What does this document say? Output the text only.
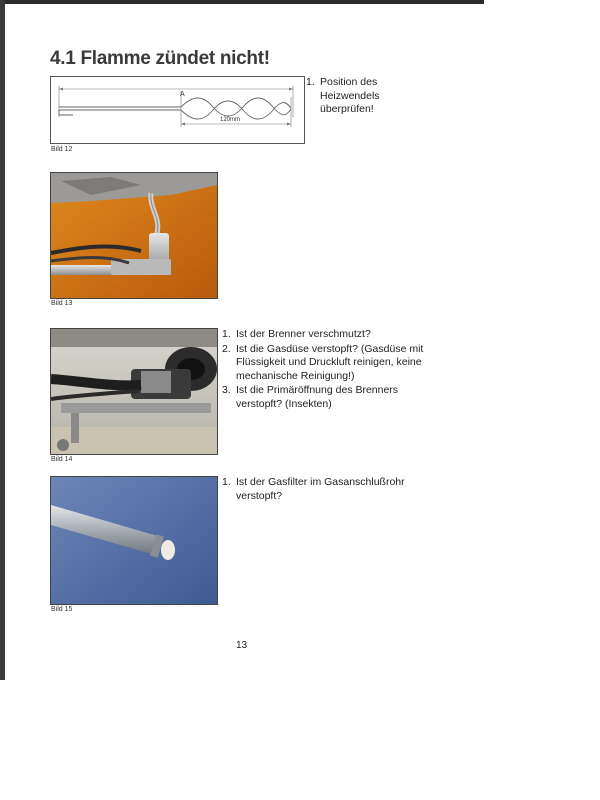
4.1 Flamme zündet nicht!
A
120mm
Bild 12
1. Position des Heizwendels überprüfen!
Bild 13
Bild 14
1. Ist der Brenner verschmutzt?
2. Ist die Gasdüse verstopft? (Gasdüse mit Flüssigkeit und Druckluft reinigen, keine mechanische Reinigung!)
3. Ist die Primäröffnung des Brenners verstopft? (Insekten)
Bild 15
1. Ist der Gasfilter im Gasanschlußrohr verstopft?
13
